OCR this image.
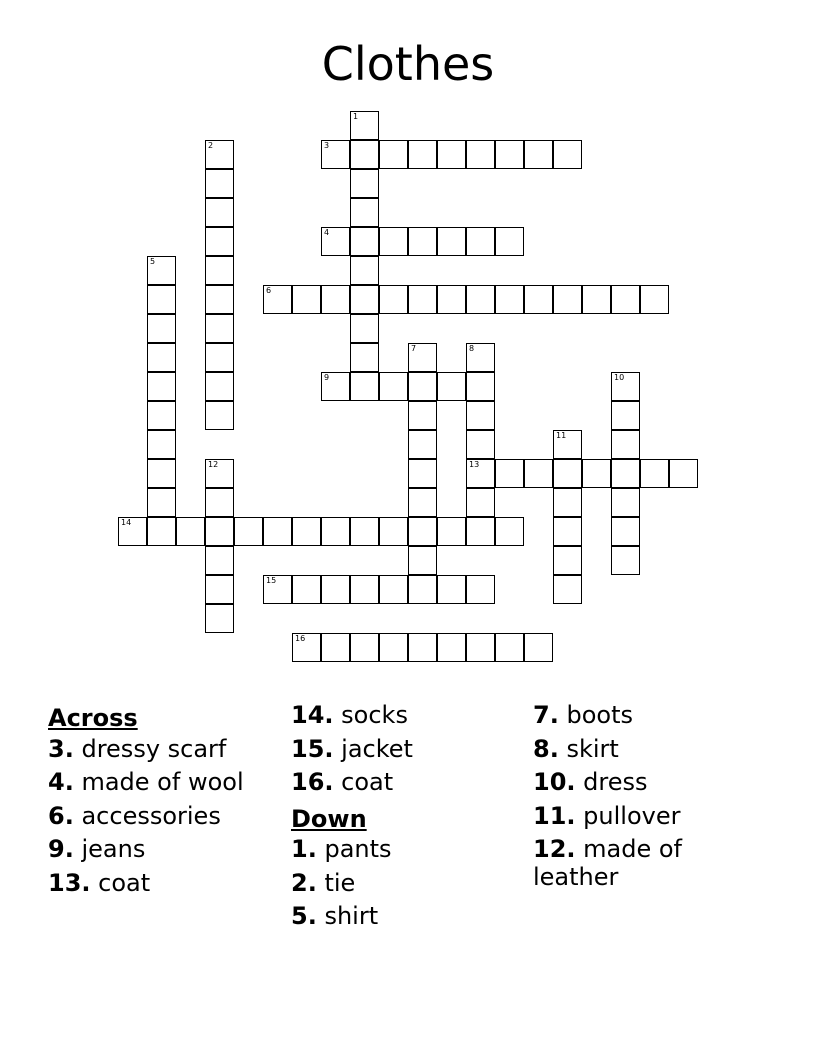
Clothes
1
2	3
4
5
6
7	8
13
9	10
11
12
14
15
16
Across
3. dressy scarf
4. made of wool
6. accessories
9. jeans
13. coat
14. socks
15. jacket
16. coat
Down
1. pants
2. tie
5. shirt
7. boots
8. skirt
10. dress
11. pullover
12. made of leather
